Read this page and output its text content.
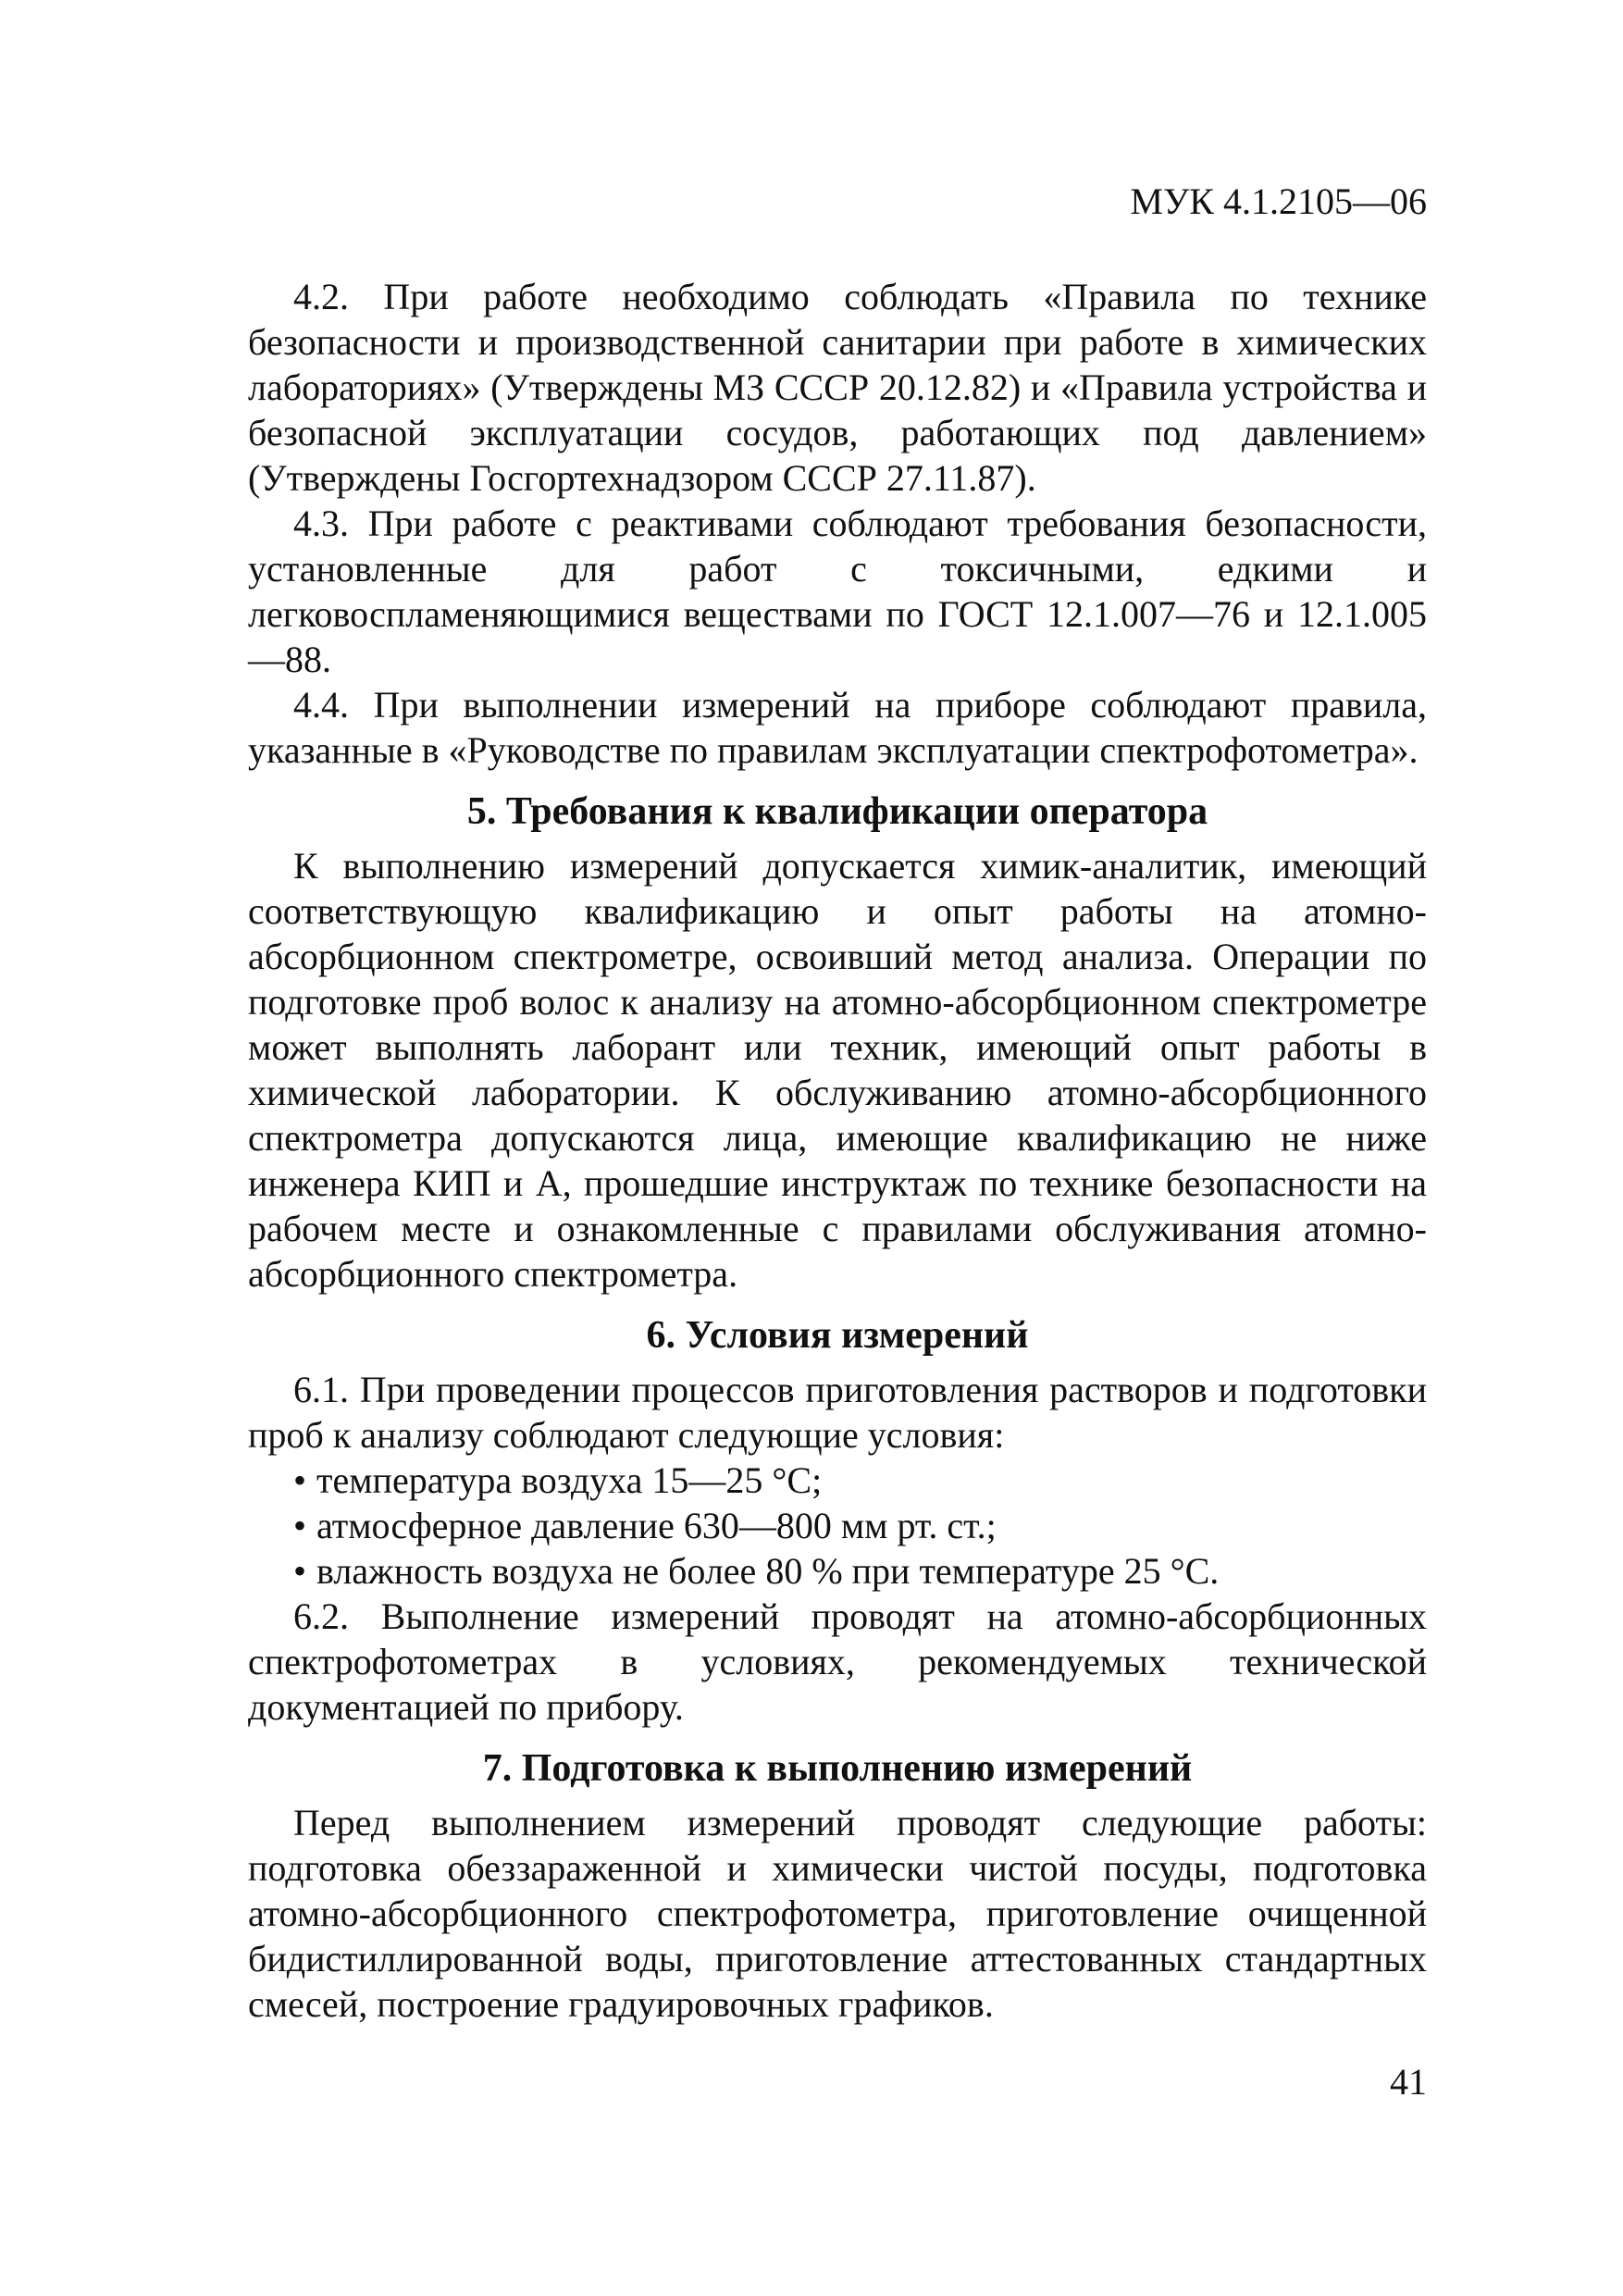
МУК 4.1.2105—06

4.2. При работе необходимо соблюдать «Правила по технике безопасности и производственной санитарии при работе в химических лабораториях» (Утверждены МЗ СССР 20.12.82) и «Правила устройства и безопасной эксплуатации сосудов, работающих под давлением» (Утверждены Госгортехнадзором СССР 27.11.87).

4.3. При работе с реактивами соблюдают требования безопасности, установленные для работ с токсичными, едкими и легковоспламеняющимися веществами по ГОСТ 12.1.007—76 и 12.1.005—88.

4.4. При выполнении измерений на приборе соблюдают правила, указанные в «Руководстве по правилам эксплуатации спектрофотометра».

5. Требования к квалификации оператора

К выполнению измерений допускается химик-аналитик, имеющий соответствующую квалификацию и опыт работы на атомно-абсорбционном спектрометре, освоивший метод анализа. Операции по подготовке проб волос к анализу на атомно-абсорбционном спектрометре может выполнять лаборант или техник, имеющий опыт работы в химической лаборатории. К обслуживанию атомно-абсорбционного спектрометра допускаются лица, имеющие квалификацию не ниже инженера КИП и А, прошедшие инструктаж по технике безопасности на рабочем месте и ознакомленные с правилами обслуживания атомно-абсорбционного спектрометра.

6. Условия измерений

6.1. При проведении процессов приготовления растворов и подготовки проб к анализу соблюдают следующие условия:

• температура воздуха 15—25 °С;
• атмосферное давление 630—800 мм рт. ст.;
• влажность воздуха не более 80 % при температуре 25 °С.

6.2. Выполнение измерений проводят на атомно-абсорбционных спектрофотометрах в условиях, рекомендуемых технической документацией по прибору.

7. Подготовка к выполнению измерений

Перед выполнением измерений проводят следующие работы: подготовка обеззараженной и химически чистой посуды, подготовка атомно-абсорбционного спектрофотометра, приготовление очищенной бидистиллированной воды, приготовление аттестованных стандартных смесей, построение градуировочных графиков.

41
